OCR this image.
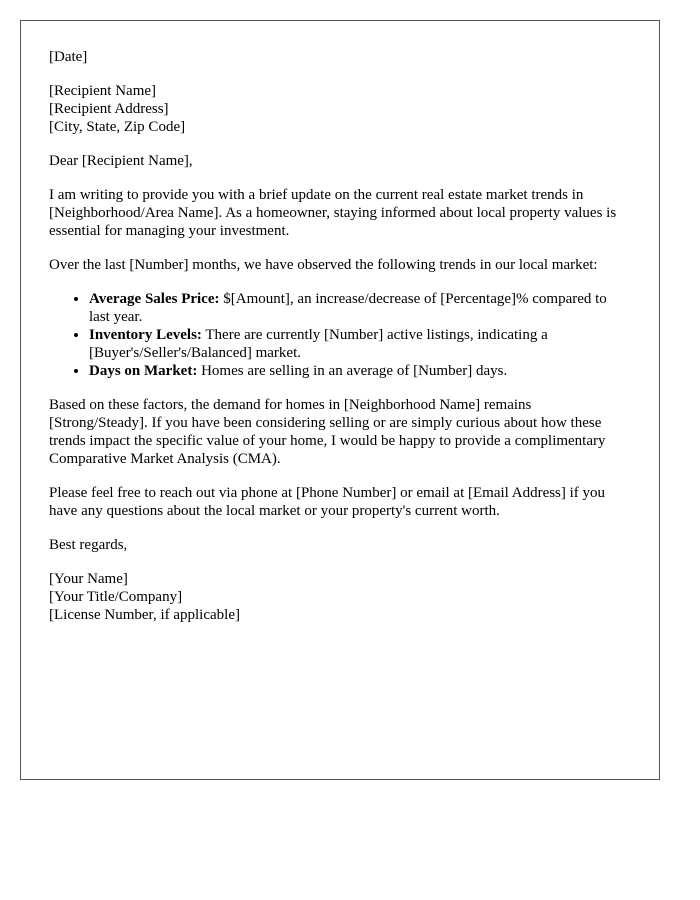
[Date]

[Recipient Name]
[Recipient Address]
[City, State, Zip Code]

Dear [Recipient Name],

I am writing to provide you with a brief update on the current real estate market trends in [Neighborhood/Area Name]. As a homeowner, staying informed about local property values is essential for managing your investment.

Over the last [Number] months, we have observed the following trends in our local market:

• Average Sales Price: $[Amount], an increase/decrease of [Percentage]% compared to last year.
• Inventory Levels: There are currently [Number] active listings, indicating a [Buyer's/Seller's/Balanced] market.
• Days on Market: Homes are selling in an average of [Number] days.

Based on these factors, the demand for homes in [Neighborhood Name] remains [Strong/Steady]. If you have been considering selling or are simply curious about how these trends impact the specific value of your home, I would be happy to provide a complimentary Comparative Market Analysis (CMA).

Please feel free to reach out via phone at [Phone Number] or email at [Email Address] if you have any questions about the local market or your property's current worth.

Best regards,

[Your Name]
[Your Title/Company]
[License Number, if applicable]
